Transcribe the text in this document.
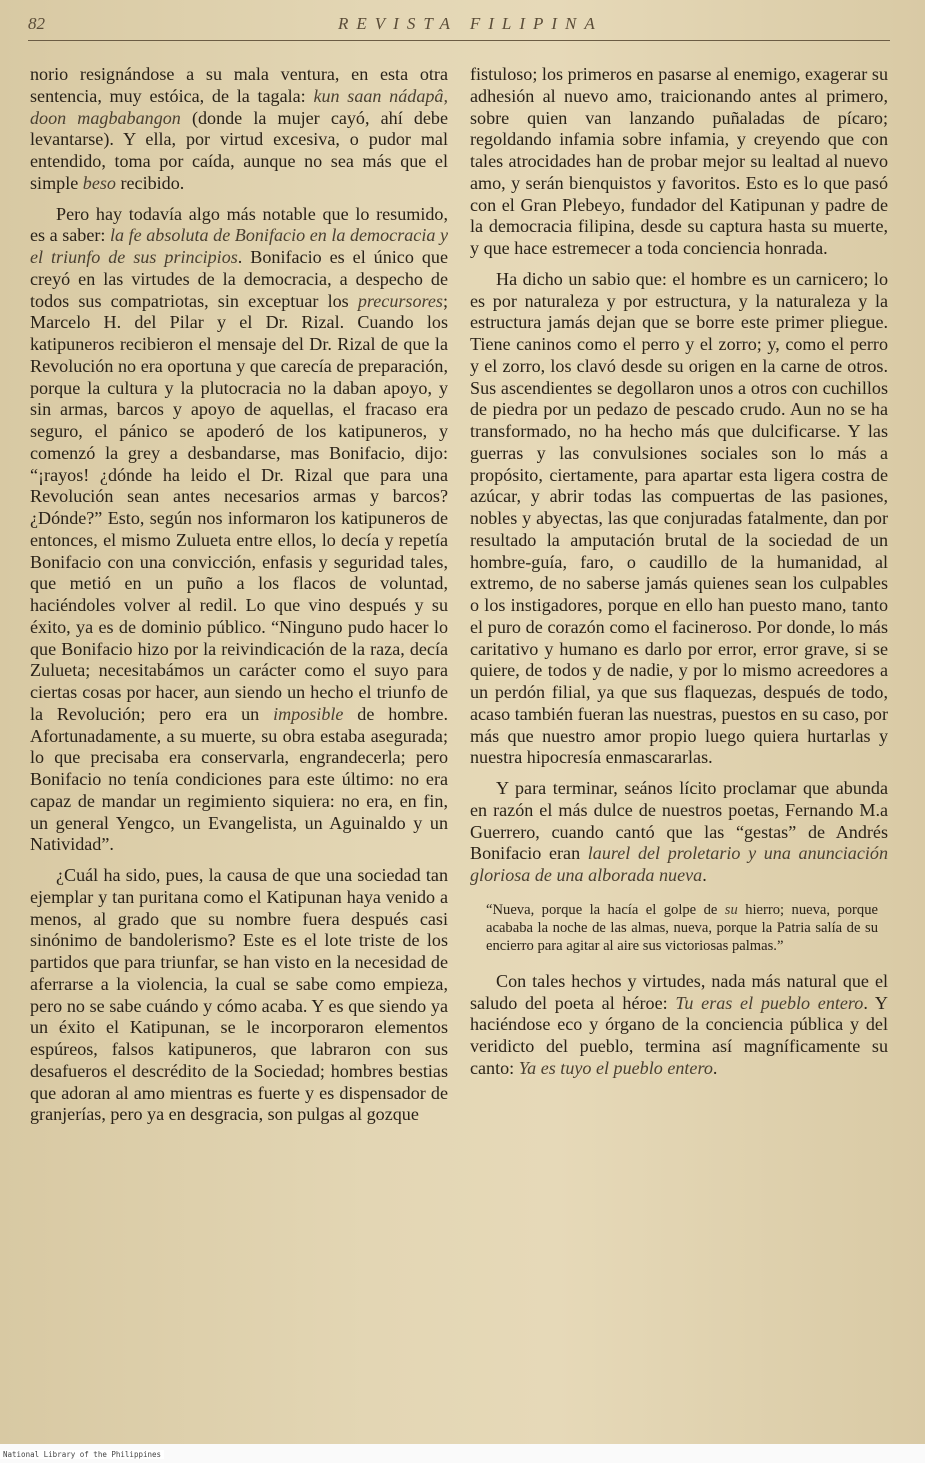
82	REVISTA FILIPINA

norio resignándose a su mala ventura, en esta otra sentencia, muy estóica, de la tagala: kun saan nádapâ, doon magbabangon (donde la mujer cayó, ahí debe levantarse). Y ella, por virtud excesiva, o pudor mal entendido, toma por caída, aunque no sea más que el simple beso recibido.

Pero hay todavía algo más notable que lo resumido, es a saber: la fe absoluta de Bonifacio en la democracia y el triunfo de sus principios. Bonifacio es el único que creyó en las virtudes de la democracia, a despecho de todos sus compatriotas, sin exceptuar los precursores; Marcelo H. del Pilar y el Dr. Rizal. Cuando los katipuneros recibieron el mensaje del Dr. Rizal de que la Revolución no era oportuna y que carecía de preparación, porque la cultura y la plutocracia no la daban apoyo, y sin armas, barcos y apoyo de aquellas, el fracaso era seguro, el pánico se apoderó de los katipuneros, y comenzó la grey a desbandarse, mas Bonifacio, dijo: “¡rayos! ¿dónde ha leido el Dr. Rizal que para una Revolución sean antes necesarios armas y barcos? ¿Dónde?” Esto, según nos informaron los katipuneros de entonces, el mismo Zulueta entre ellos, lo decía y repetía Bonifacio con una convicción, enfasis y seguridad tales, que metió en un puño a los flacos de voluntad, haciéndoles volver al redil. Lo que vino después y su éxito, ya es de dominio público. “Ninguno pudo hacer lo que Bonifacio hizo por la reivindicación de la raza, decía Zulueta; necesitabámos un carácter como el suyo para ciertas cosas por hacer, aun siendo un hecho el triunfo de la Revolución; pero era un imposible de hombre. Afortunadamente, a su muerte, su obra estaba asegurada; lo que precisaba era conservarla, engrandecerla; pero Bonifacio no tenía condiciones para este último: no era capaz de mandar un regimiento siquiera: no era, en fin, un general Yengco, un Evangelista, un Aguinaldo y un Natividad”.

¿Cuál ha sido, pues, la causa de que una sociedad tan ejemplar y tan puritana como el Katipunan haya venido a menos, al grado que su nombre fuera después casi sinónimo de bandolerismo? Este es el lote triste de los partidos que para triunfar, se han visto en la necesidad de aferrarse a la violencia, la cual se sabe como empieza, pero no se sabe cuándo y cómo acaba. Y es que siendo ya un éxito el Katipunan, se le incorporaron elementos espúreos, falsos katipuneros, que labraron con sus desafueros el descrédito de la Sociedad; hombres bestias que adoran al amo mientras es fuerte y es dispensador de granjerías, pero ya en desgracia, son pulgas al gozque

fistuloso; los primeros en pasarse al enemigo, exagerar su adhesión al nuevo amo, traicionando antes al primero, sobre quien van lanzando puñaladas de pícaro; regoldando infamia sobre infamia, y creyendo que con tales atrocidades han de probar mejor su lealtad al nuevo amo, y serán bienquistos y favoritos. Esto es lo que pasó con el Gran Plebeyo, fundador del Katipunan y padre de la democracia filipina, desde su captura hasta su muerte, y que hace estremecer a toda conciencia honrada.

Ha dicho un sabio que: el hombre es un carnicero; lo es por naturaleza y por estructura, y la naturaleza y la estructura jamás dejan que se borre este primer pliegue. Tiene caninos como el perro y el zorro; y, como el perro y el zorro, los clavó desde su origen en la carne de otros. Sus ascendientes se degollaron unos a otros con cuchillos de piedra por un pedazo de pescado crudo. Aun no se ha transformado, no ha hecho más que dulcificarse. Y las guerras y las convulsiones sociales son lo más a propósito, ciertamente, para apartar esta ligera costra de azúcar, y abrir todas las compuertas de las pasiones, nobles y abyectas, las que conjuradas fatalmente, dan por resultado la amputación brutal de la sociedad de un hombre-guía, faro, o caudillo de la humanidad, al extremo, de no saberse jamás quienes sean los culpables o los instigadores, porque en ello han puesto mano, tanto el puro de corazón como el facineroso. Por donde, lo más caritativo y humano es darlo por error, error grave, si se quiere, de todos y de nadie, y por lo mismo acreedores a un perdón filial, ya que sus flaquezas, después de todo, acaso también fueran las nuestras, puestos en su caso, por más que nuestro amor propio luego quiera hurtarlas y nuestra hipocresía enmascararlas.

Y para terminar, seános lícito proclamar que abunda en razón el más dulce de nuestros poetas, Fernando M.a Guerrero, cuando cantó que las “gestas” de Andrés Bonifacio eran laurel del proletario y una anunciación gloriosa de una alborada nueva.

“Nueva, porque la hacía el golpe de su hierro; nueva, porque acababa la noche de las almas, nueva, porque la Patria salía de su encierro para agitar al aire sus victoriosas palmas.”

Con tales hechos y virtudes, nada más natural que el saludo del poeta al héroe: Tu eras el pueblo entero. Y haciéndose eco y órgano de la conciencia pública y del veridicto del pueblo, termina así magníficamente su canto: Ya es tuyo el pueblo entero.

National Library of the Philippines
